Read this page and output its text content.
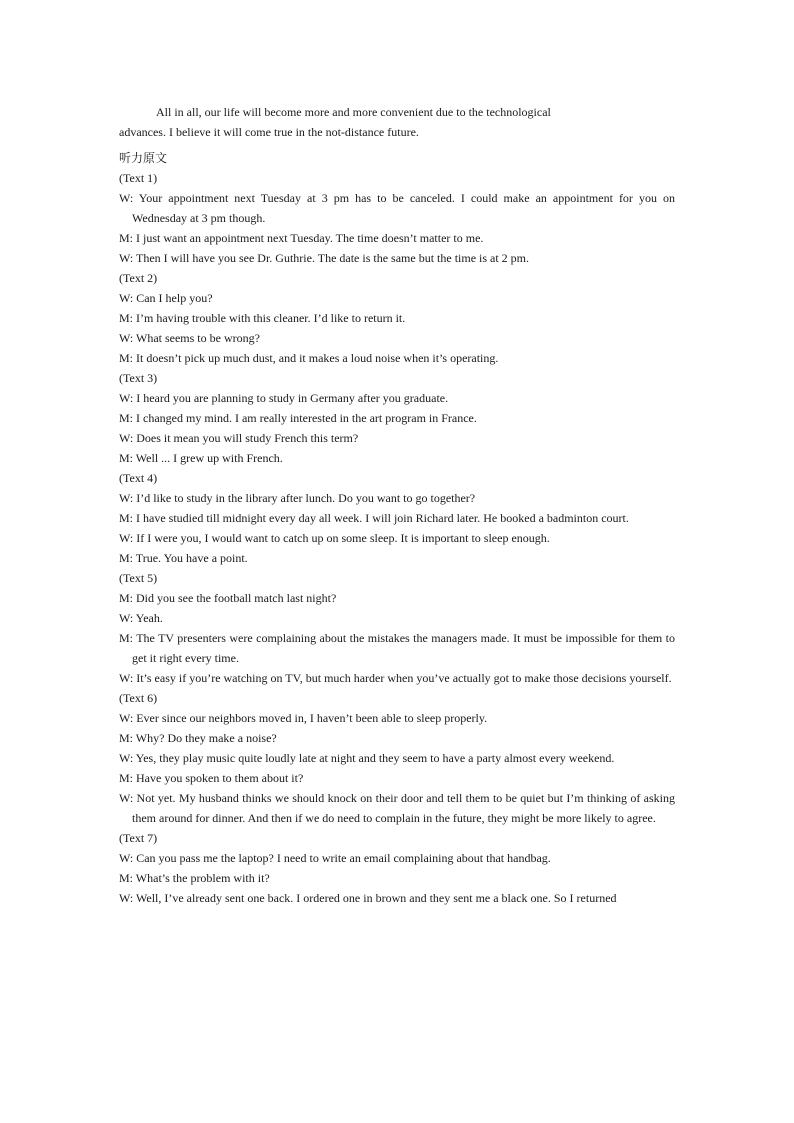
All in all, our life will become more and more convenient due to the technological
advances. I believe it will come true in the not-distance future.

听力原文

(Text 1)

W: Your appointment next Tuesday at 3 pm has to be canceled. I could make an appointment for you on Wednesday at 3 pm though.

M: I just want an appointment next Tuesday. The time doesn’t matter to me.

W: Then I will have you see Dr. Guthrie. The date is the same but the time is at 2 pm.

(Text 2)

W: Can I help you?

M: I’m having trouble with this cleaner. I’d like to return it.

W: What seems to be wrong?

M: It doesn’t pick up much dust, and it makes a loud noise when it’s operating.

(Text 3)

W: I heard you are planning to study in Germany after you graduate.

M: I changed my mind. I am really interested in the art program in France.

W: Does it mean you will study French this term?

M: Well ... I grew up with French.

(Text 4)

W: I’d like to study in the library after lunch. Do you want to go together?

M: I have studied till midnight every day all week. I will join Richard later. He booked a badminton court.

W: If I were you, I would want to catch up on some sleep. It is important to sleep enough.

M: True. You have a point.

(Text 5)

M: Did you see the football match last night?

W: Yeah.

M: The TV presenters were complaining about the mistakes the managers made. It must be impossible for them to get it right every time.

W: It’s easy if you’re watching on TV, but much harder when you’ve actually got to make those decisions yourself.

(Text 6)

W: Ever since our neighbors moved in, I haven’t been able to sleep properly.

M: Why? Do they make a noise?

W: Yes, they play music quite loudly late at night and they seem to have a party almost every weekend.

M: Have you spoken to them about it?

W: Not yet. My husband thinks we should knock on their door and tell them to be quiet but I’m thinking of asking them around for dinner. And then if we do need to complain in the future, they might be more likely to agree.

(Text 7)

W: Can you pass me the laptop? I need to write an email complaining about that handbag.

M: What’s the problem with it?

W: Well, I’ve already sent one back. I ordered one in brown and they sent me a black one. So I returned
